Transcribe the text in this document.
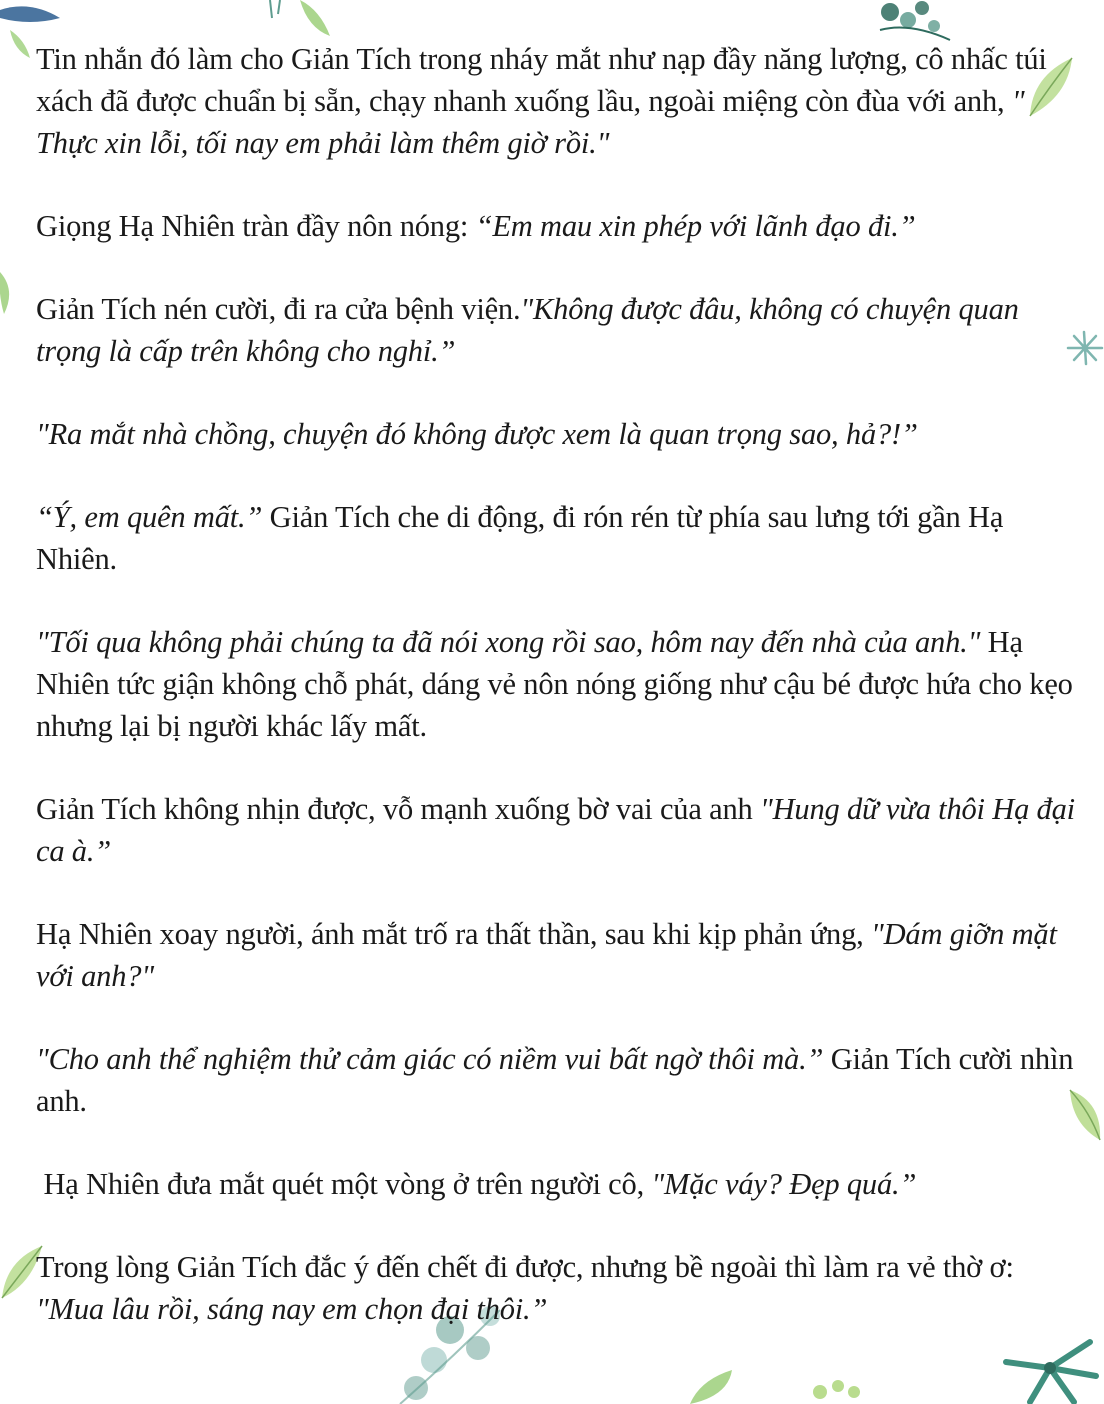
Tin nhắn đó làm cho Giản Tích trong nháy mắt như nạp đầy năng lượng, cô nhấc túi xách đã được chuẩn bị sẵn, chạy nhanh xuống lầu, ngoài miệng còn đùa với anh, " Thực xin lỗi, tối nay em phải làm thêm giờ rồi."

Giọng Hạ Nhiên tràn đầy nôn nóng: “Em mau xin phép với lãnh đạo đi.”

Giản Tích nén cười, đi ra cửa bệnh viện."Không được đâu, không có chuyện quan trọng là cấp trên không cho nghỉ.”

"Ra mắt nhà chồng, chuyện đó không được xem là quan trọng sao, hả?!”

“Ý, em quên mất.” Giản Tích che di động, đi rón rén từ phía sau lưng tới gần Hạ Nhiên.

"Tối qua không phải chúng ta đã nói xong rồi sao, hôm nay đến nhà của anh." Hạ Nhiên tức giận không chỗ phát, dáng vẻ nôn nóng giống như cậu bé được hứa cho kẹo nhưng lại bị người khác lấy mất.

Giản Tích không nhịn được, vỗ mạnh xuống bờ vai của anh "Hung dữ vừa thôi Hạ đại ca à.”

Hạ Nhiên xoay người, ánh mắt trố ra thất thần, sau khi kịp phản ứng, "Dám giỡn mặt với anh?"

"Cho anh thể nghiệm thử cảm giác có niềm vui bất ngờ thôi mà.” Giản Tích cười nhìn anh.

Hạ Nhiên đưa mắt quét một vòng ở trên người cô, "Mặc váy? Đẹp quá.”

Trong lòng Giản Tích đắc ý đến chết đi được, nhưng bề ngoài thì làm ra vẻ thờ ơ: "Mua lâu rồi, sáng nay em chọn đại thôi.”
